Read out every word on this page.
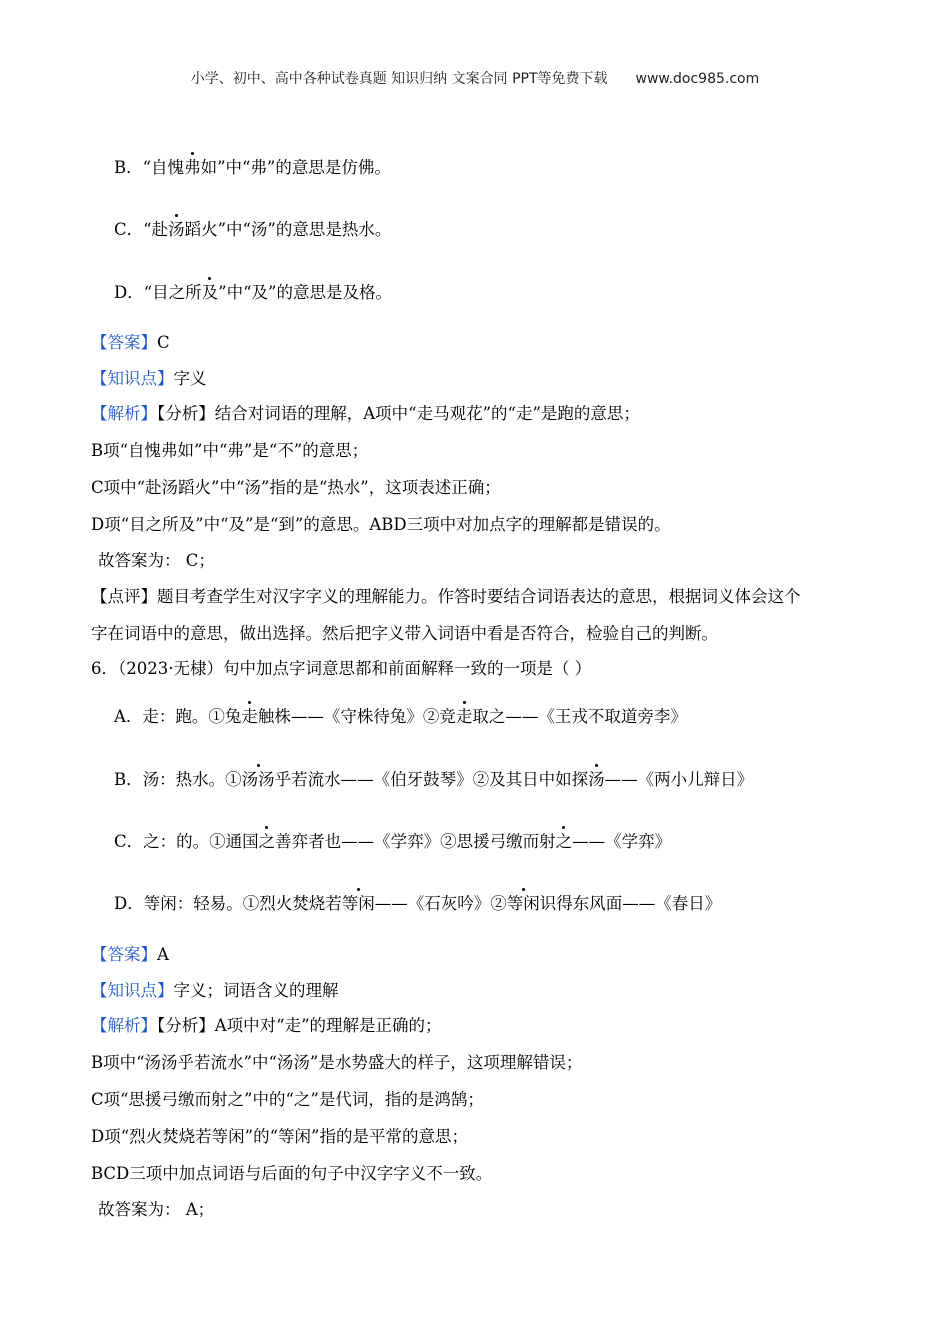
小学、初中、高中各种试卷真题 知识归纳 文案合同 PPT等免费下载 www.doc985.com
B．“自愧弗如”中“弗”的意思是仿佛。
C．“赴汤蹈火”中“汤”的意思是热水。
D．“目之所及”中“及”的意思是及格。
【答案】C
【知识点】字义
【解析】【分析】结合对词语的理解，A项中“走马观花”的“走”是跑的意思；
B项“自愧弗如”中“弗”是“不”的意思；
C项中“赴汤蹈火”中“汤”指的是“热水”，这项表述正确；
D项“目之所及”中“及”是“到”的意思。ABD三项中对加点字的理解都是错误的。
故答案为： C；
【点评】题目考查学生对汉字字义的理解能力。作答时要结合词语表达的意思，根据词义体会这个
字在词语中的意思，做出选择。然后把字义带入词语中看是否符合，检验自己的判断。
6．（2023·无棣）句中加点字词意思都和前面解释一致的一项是（ ）
A．走：跑。①兔走触株——《守株待兔》②竞走取之——《王戎不取道旁李》
B．汤：热水。①汤汤乎若流水——《伯牙鼓琴》②及其日中如探汤——《两小儿辩日》
C．之：的。①通国之善弈者也——《学弈》②思援弓缴而射之——《学弈》
D．等闲：轻易。①烈火焚烧若等闲——《石灰吟》②等闲识得东风面——《春日》
【答案】A
【知识点】字义；词语含义的理解
【解析】【分析】A项中对“走”的理解是正确的；
B项中“汤汤乎若流水”中“汤汤”是水势盛大的样子，这项理解错误；
C项“思援弓缴而射之”中的“之”是代词，指的是鸿鹄；
D项“烈火焚烧若等闲”的“等闲”指的是平常的意思；
BCD三项中加点词语与后面的句子中汉字字义不一致。
故答案为： A；
